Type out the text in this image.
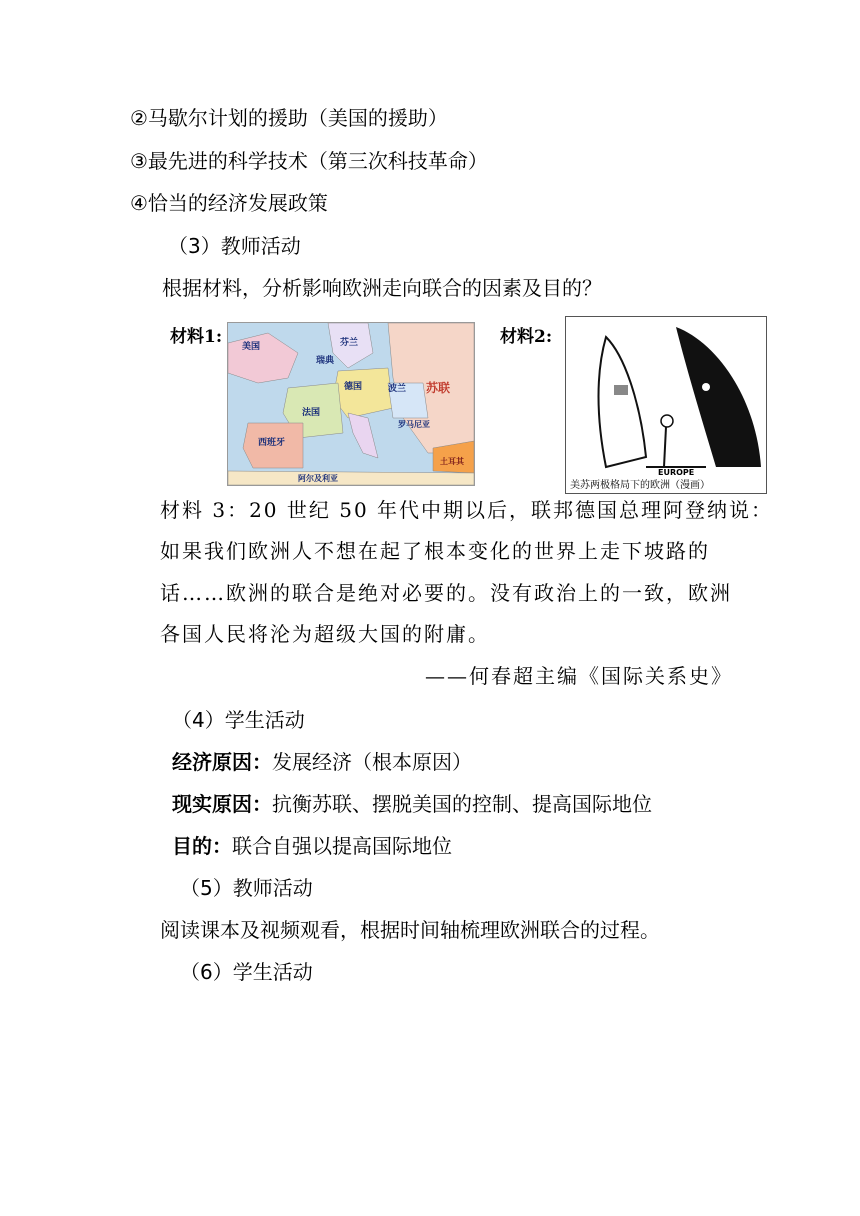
②马歇尔计划的援助（美国的援助）
③最先进的科学技术（第三次科技革命）
④恰当的经济发展政策
（3）教师活动
根据材料，分析影响欧洲走向联合的因素及目的？
材料1: 美国	芬兰
瑞典
苏联
德国	波兰
法国
罗马尼亚
西班牙
土耳其
阿尔及利亚
材料2:
EUROPE
美苏两极格局下的欧洲（漫画）
材料 3：20 世纪 50 年代中期以后，联邦德国总理阿登纳说：
如果我们欧洲人不想在起了根本变化的世界上走下坡路的
话……欧洲的联合是绝对必要的。没有政治上的一致，欧洲
各国人民将沦为超级大国的附庸。
——何春超主编《国际关系史》
（4）学生活动
经济原因：发展经济（根本原因）
现实原因：抗衡苏联、摆脱美国的控制、提高国际地位
目的：联合自强以提高国际地位
（5）教师活动
阅读课本及视频观看，根据时间轴梳理欧洲联合的过程。
（6）学生活动
